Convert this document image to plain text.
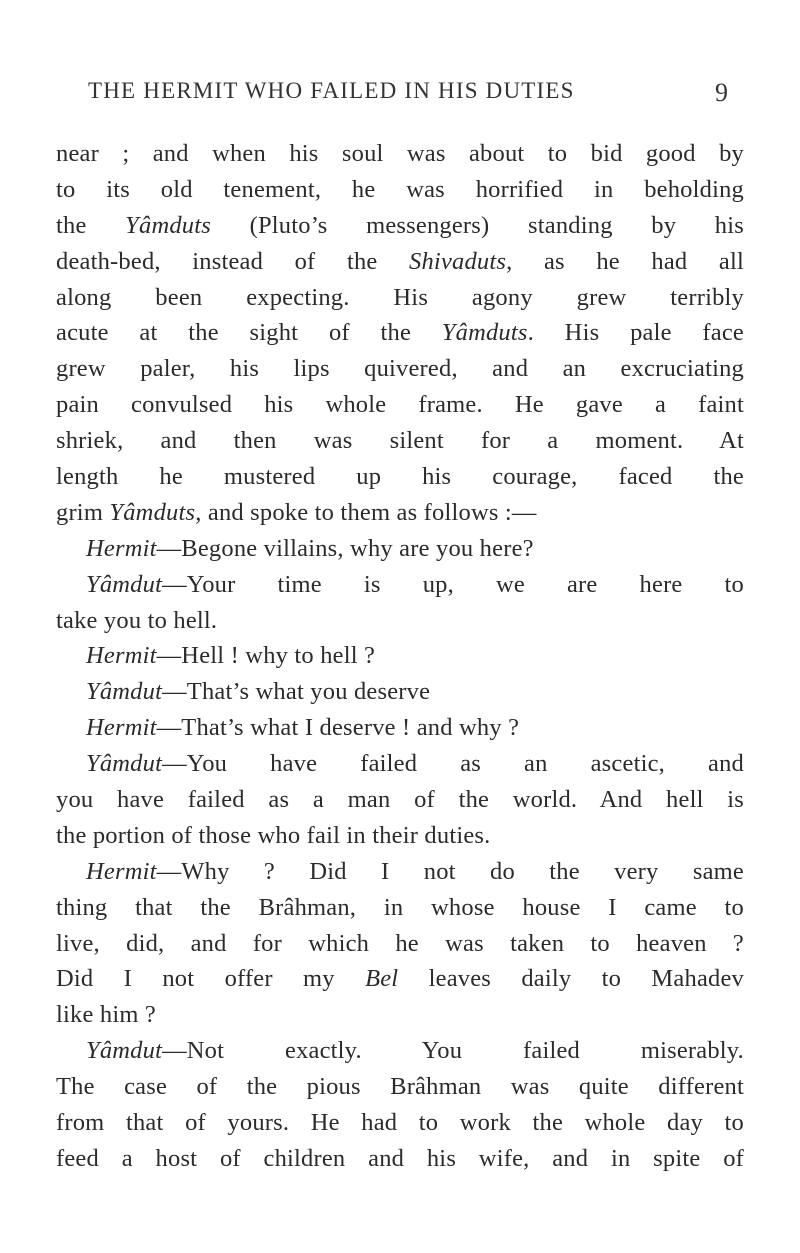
THE HERMIT WHO FAILED IN HIS DUTIES	9
near ; and when his soul was about to bid good by
to its old tenement, he was horrified in beholding
the Yâmduts (Pluto’s messengers) standing by his
death-bed, instead of the Shivaduts, as he had all
along been expecting. His agony grew terribly
acute at the sight of the Yâmduts. His pale face
grew paler, his lips quivered, and an excruciating
pain convulsed his whole frame. He gave a faint
shriek, and then was silent for a moment. At
length he mustered up his courage, faced the
grim Yâmduts, and spoke to them as follows :—
Hermit—Begone villains, why are you here?
Yâmdut—Your time is up, we are here to
take you to hell.
Hermit—Hell ! why to hell ?
Yâmdut—That’s what you deserve
Hermit—That’s what I deserve ! and why ?
Yâmdut—You have failed as an ascetic, and
you have failed as a man of the world. And hell is
the portion of those who fail in their duties.
Hermit—Why ? Did I not do the very same
thing that the Brâhman, in whose house I came to
live, did, and for which he was taken to heaven ?
Did I not offer my Bel leaves daily to Mahadev
like him ?
Yâmdut—Not exactly. You failed miserably.
The case of the pious Brâhman was quite different
from that of yours. He had to work the whole day to
feed a host of children and his wife, and in spite of
